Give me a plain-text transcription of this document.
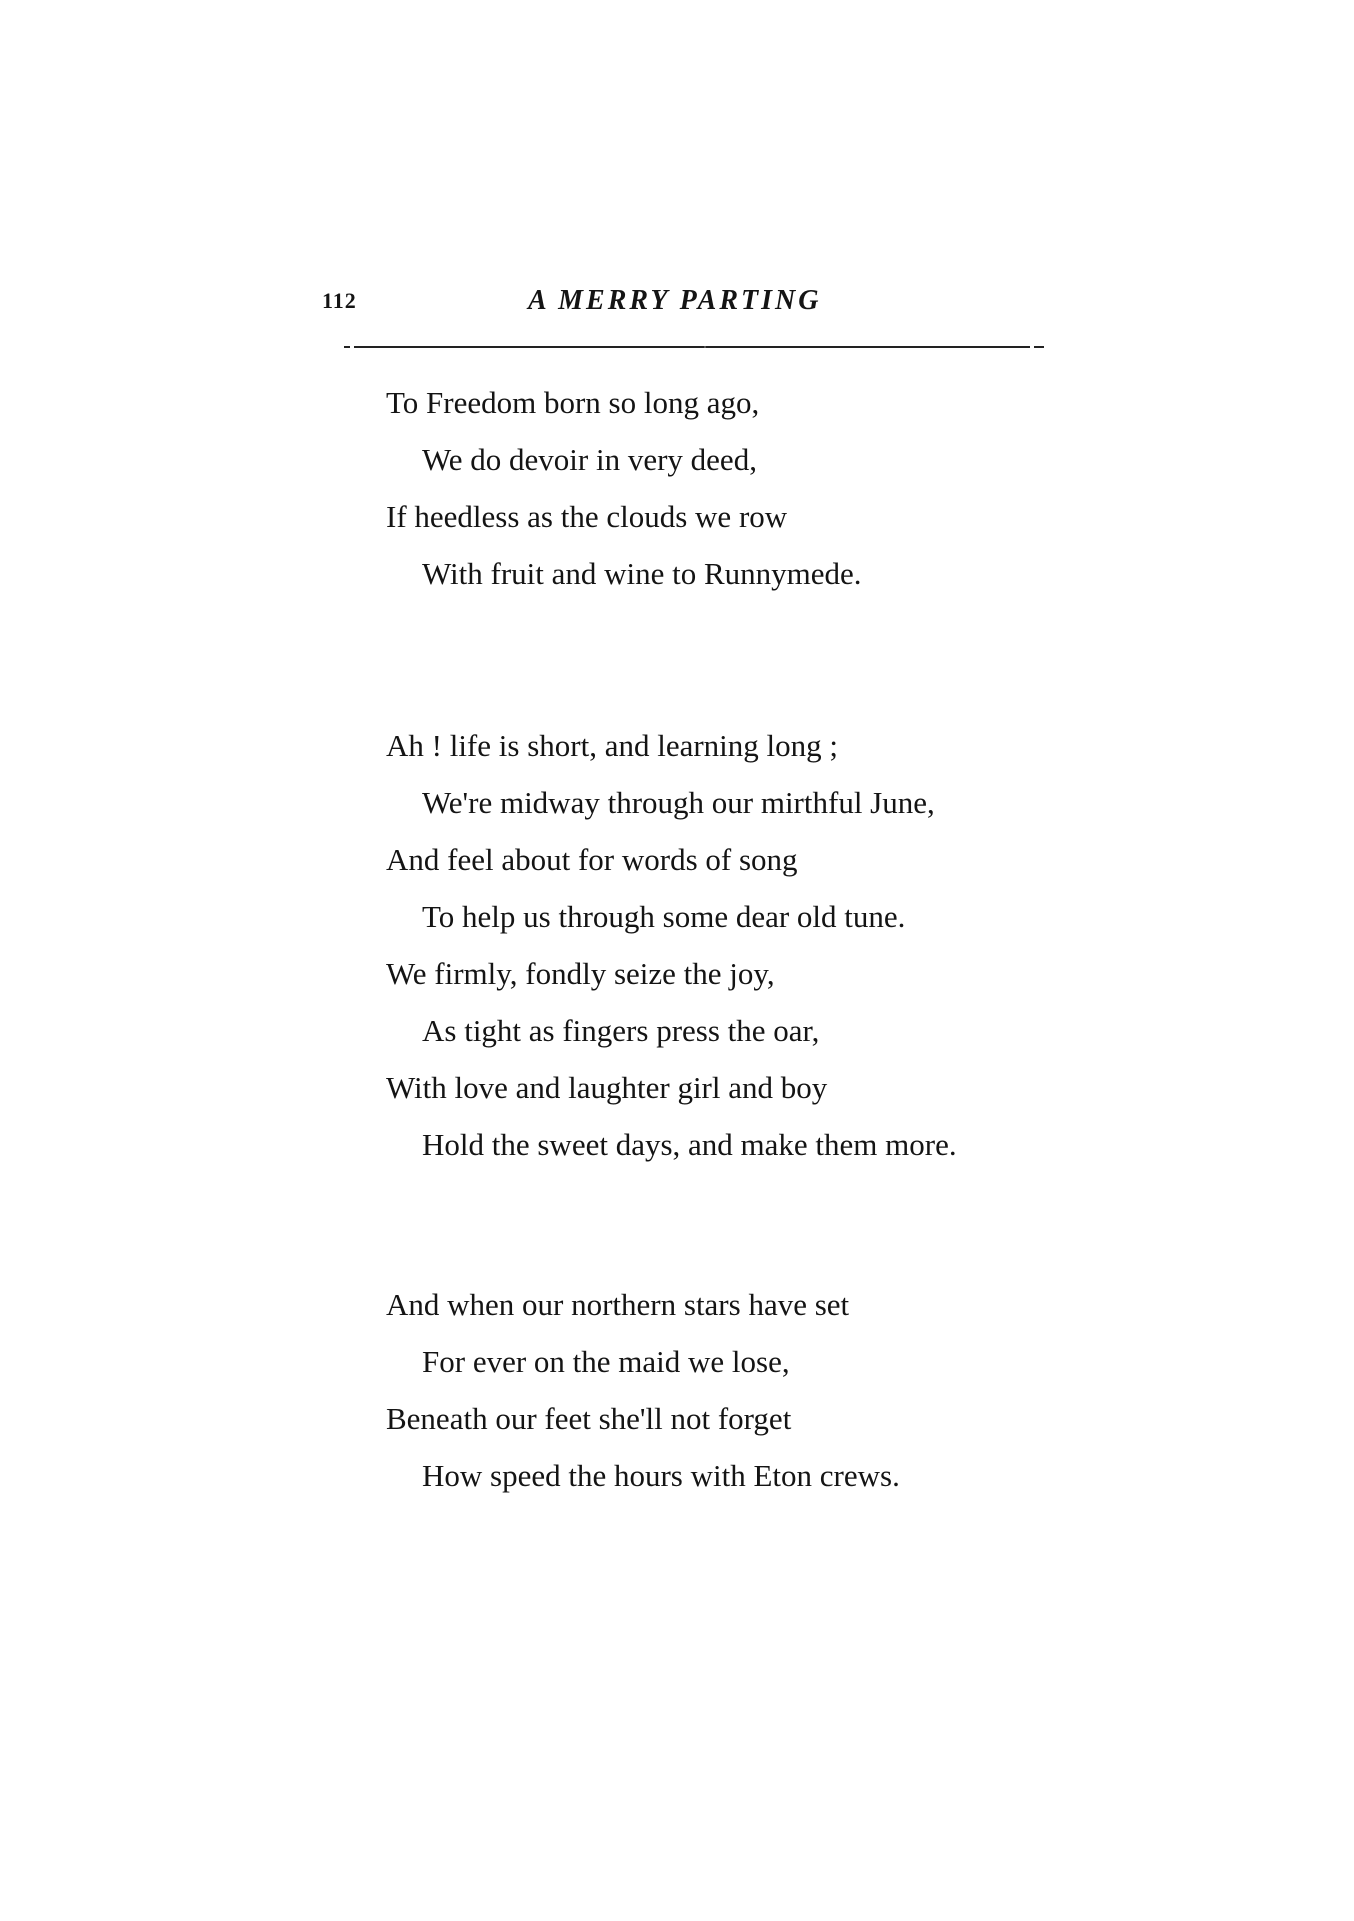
112	A MERRY PARTING
To Freedom born so long ago,
We do devoir in very deed,
If heedless as the clouds we row
With fruit and wine to Runnymede.
Ah ! life is short, and learning long ;
We're midway through our mirthful June,
And feel about for words of song
To help us through some dear old tune.
We firmly, fondly seize the joy,
As tight as fingers press the oar,
With love and laughter girl and boy
Hold the sweet days, and make them more.
And when our northern stars have set
For ever on the maid we lose,
Beneath our feet she'll not forget
How speed the hours with Eton crews.
